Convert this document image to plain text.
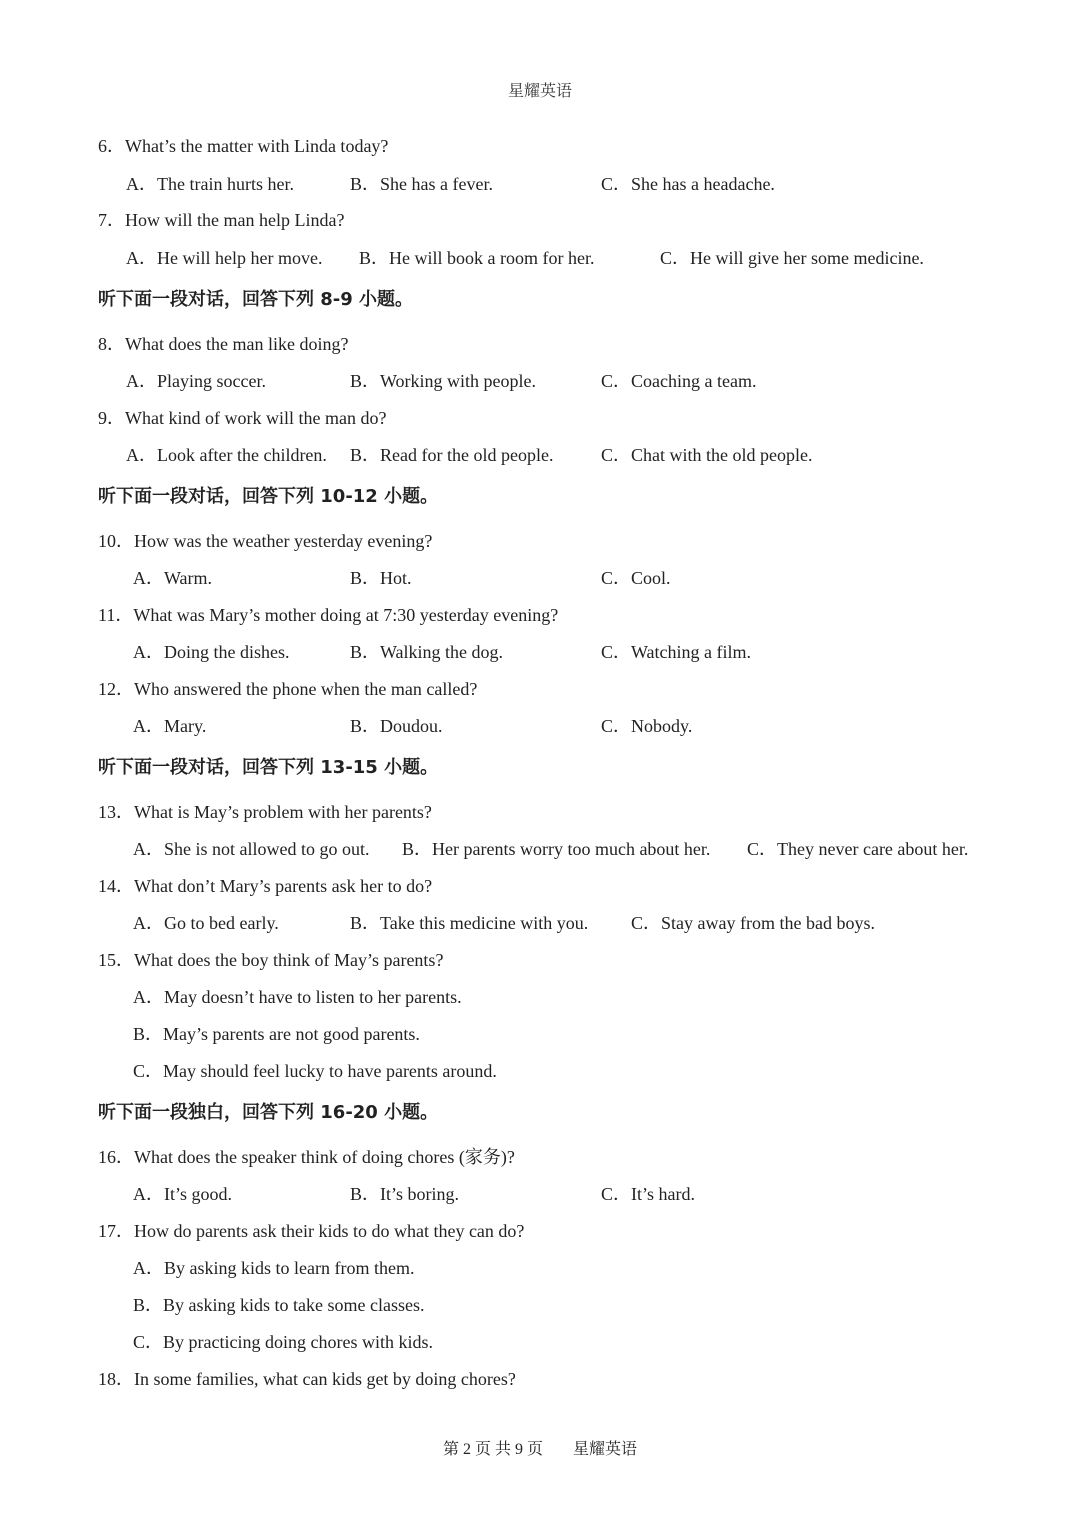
星耀英语
6．What’s the matter with Linda today?
A．The train hurts her.	B．She has a fever.	C．She has a headache.
7．How will the man help Linda?
A．He will help her move. B．He will book a room for her.	C．He will give her some medicine.
听下面一段对话，回答下列 8-9 小题。
8．What does the man like doing?
A．Playing soccer.	B．Working with people.	C．Coaching a team.
9．What kind of work will the man do?
A．Look after the children. B．Read for the old people.	C．Chat with the old people.
听下面一段对话，回答下列 10-12 小题。
10．How was the weather yesterday evening?
A．Warm.	B．Hot.	C．Cool.
11．What was Mary’s mother doing at 7:30 yesterday evening?
A．Doing the dishes.	B．Walking the dog.	C．Watching a film.
12．Who answered the phone when the man called?
A．Mary.	B．Doudou.	C．Nobody.
听下面一段对话，回答下列 13-15 小题。
13．What is May’s problem with her parents?
A．She is not allowed to go out. B．Her parents worry too much about her. C．They never care about her.
14．What don’t Mary’s parents ask her to do?
A．Go to bed early.	B．Take this medicine with you. C．Stay away from the bad boys.
15．What does the boy think of May’s parents?
A．May doesn’t have to listen to her parents.
B．May’s parents are not good parents.
C．May should feel lucky to have parents around.
听下面一段独白，回答下列 16-20 小题。
16．What does the speaker think of doing chores (家务)?
A．It’s good.	B．It’s boring.	C．It’s hard.
17．How do parents ask their kids to do what they can do?
A．By asking kids to learn from them.
B．By asking kids to take some classes.
C．By practicing doing chores with kids.
18．In some families, what can kids get by doing chores?
第 2 页 共 9 页 星耀英语
